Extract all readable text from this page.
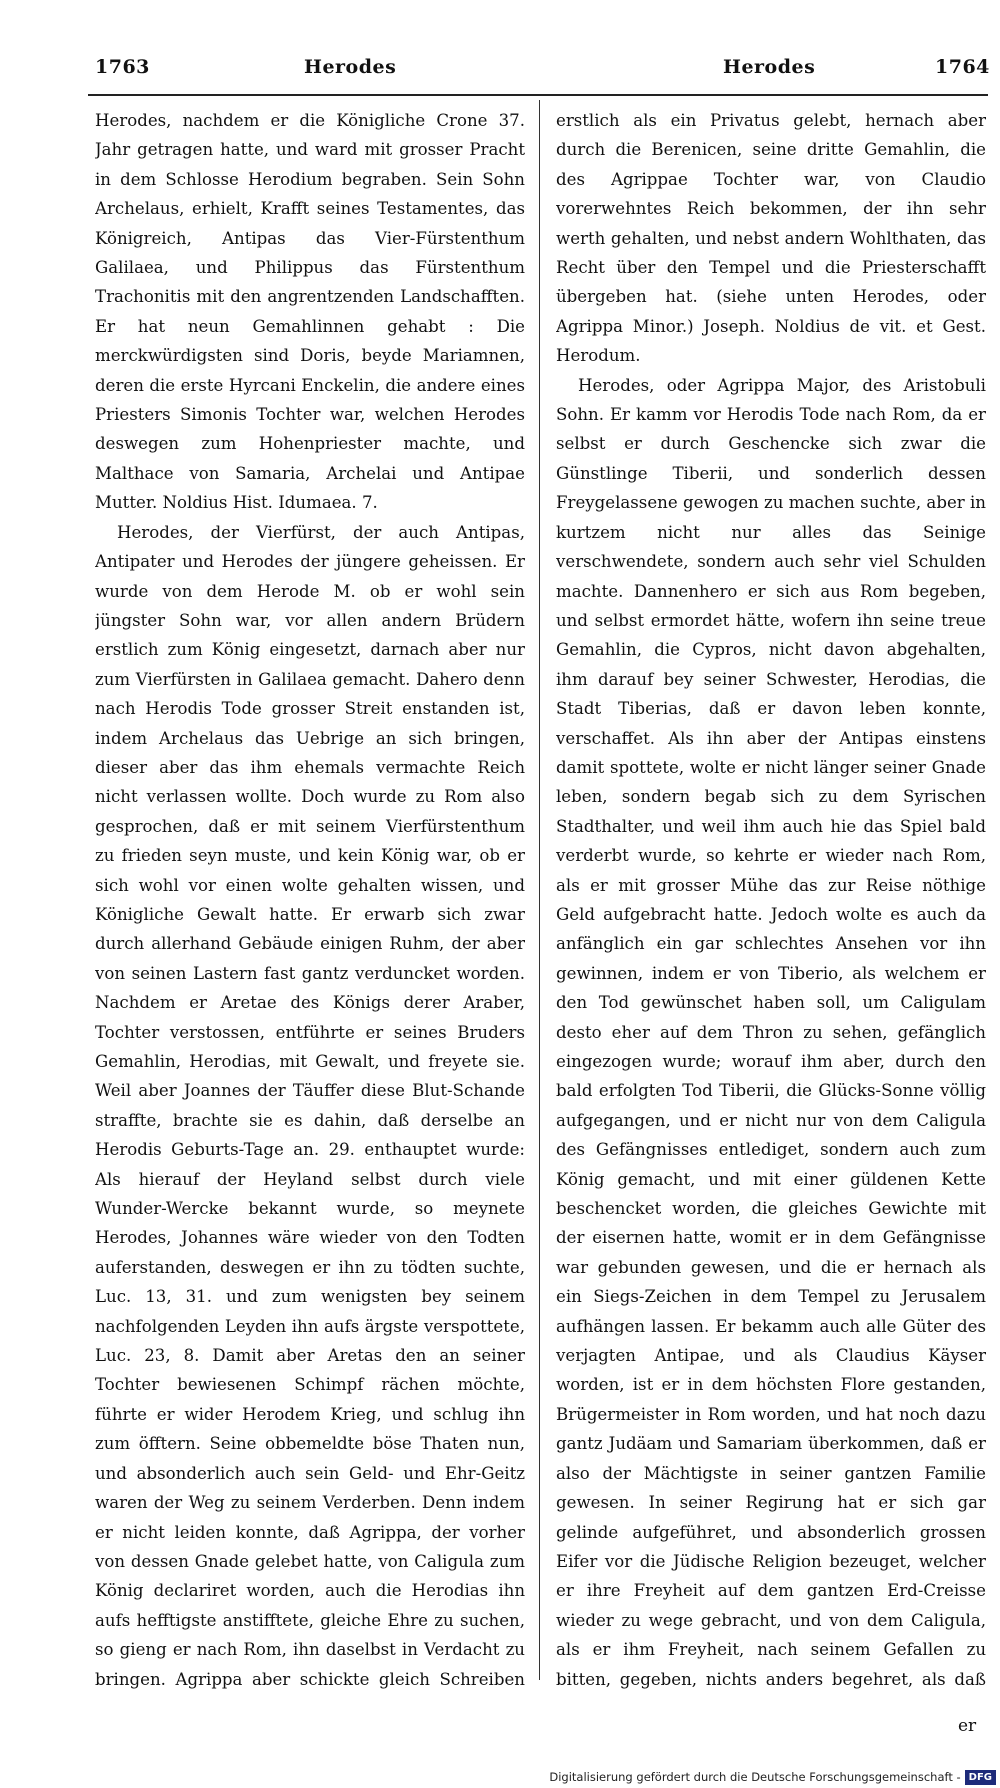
1763	Herodes	Herodes	1764

Herodes, nachdem er die Königliche Crone 37. Jahr getragen hatte, und ward mit grosser Pracht in dem Schlosse Herodium begraben. Sein Sohn Archelaus, erhielt, Krafft seines Testamentes, das Königreich, Antipas das Vier-Fürstenthum Galilaea, und Philippus das Fürstenthum Trachonitis mit den angrentzenden Landschafften. Er hat neun Gemahlinnen gehabt : Die merckwürdigsten sind Doris, beyde Mariamnen, deren die erste Hyrcani Enckelin, die andere eines Priesters Simonis Tochter war, welchen Herodes deswegen zum Hohenpriester machte, und Malthace von Samaria, Archelai und Antipae Mutter. Noldius Hist. Idumaea. 7.

Herodes, der Vierfürst, der auch Antipas, Antipater und Herodes der jüngere geheissen. Er wurde von dem Herode M. ob er wohl sein jüngster Sohn war, vor allen andern Brüdern erstlich zum König eingesetzt, darnach aber nur zum Vierfürsten in Galilaea gemacht. Dahero denn nach Herodis Tode grosser Streit enstanden ist, indem Archelaus das Uebrige an sich bringen, dieser aber das ihm ehemals vermachte Reich nicht verlassen wollte. Doch wurde zu Rom also gesprochen, daß er mit seinem Vierfürstenthum zu frieden seyn muste, und kein König war, ob er sich wohl vor einen wolte gehalten wissen, und Königliche Gewalt hatte. Er erwarb sich zwar durch allerhand Gebäude einigen Ruhm, der aber von seinen Lastern fast gantz verduncket worden. Nachdem er Aretae des Königs derer Araber, Tochter verstossen, entführte er seines Bruders Gemahlin, Herodias, mit Gewalt, und freyete sie. Weil aber Joannes der Täuffer diese Blut-Schande straffte, brachte sie es dahin, daß derselbe an Herodis Geburts-Tage an. 29. enthauptet wurde: Als hierauf der Heyland selbst durch viele Wunder-Wercke bekannt wurde, so meynete Herodes, Johannes wäre wieder von den Todten auferstanden, deswegen er ihn zu tödten suchte, Luc. 13, 31. und zum wenigsten bey seinem nachfolgenden Leyden ihn aufs ärgste verspottete, Luc. 23, 8. Damit aber Aretas den an seiner Tochter bewiesenen Schimpf rächen möchte, führte er wider Herodem Krieg, und schlug ihn zum öfftern. Seine obbemeldte böse Thaten nun, und absonderlich auch sein Geld- und Ehr-Geitz waren der Weg zu seinem Verderben. Denn indem er nicht leiden konnte, daß Agrippa, der vorher von dessen Gnade gelebet hatte, von Caligula zum König declariret worden, auch die Herodias ihn aufs hefftigste anstifftete, gleiche Ehre zu suchen, so gieng er nach Rom, ihn daselbst in Verdacht zu bringen. Agrippa aber schickte gleich Schreiben

erstlich als ein Privatus gelebt, hernach aber durch die Berenicen, seine dritte Gemahlin, die des Agrippae Tochter war, von Claudio vorerwehntes Reich bekommen, der ihn sehr werth gehalten, und nebst andern Wohlthaten, das Recht über den Tempel und die Priesterschafft übergeben hat. (siehe unten Herodes, oder Agrippa Minor.) Joseph. Noldius de vit. et Gest. Herodum.

Herodes, oder Agrippa Major, des Aristobuli Sohn. Er kamm vor Herodis Tode nach Rom, da er selbst er durch Geschencke sich zwar die Günstlinge Tiberii, und sonderlich dessen Freygelassene gewogen zu machen suchte, aber in kurtzem nicht nur alles das Seinige verschwendete, sondern auch sehr viel Schulden machte. Dannenhero er sich aus Rom begeben, und selbst ermordet hätte, wofern ihn seine treue Gemahlin, die Cypros, nicht davon abgehalten, ihm darauf bey seiner Schwester, Herodias, die Stadt Tiberias, daß er davon leben konnte, verschaffet. Als ihn aber der Antipas einstens damit spottete, wolte er nicht länger seiner Gnade leben, sondern begab sich zu dem Syrischen Stadthalter, und weil ihm auch hie das Spiel bald verderbt wurde, so kehrte er wieder nach Rom, als er mit grosser Mühe das zur Reise nöthige Geld aufgebracht hatte. Jedoch wolte es auch da anfänglich ein gar schlechtes Ansehen vor ihn gewinnen, indem er von Tiberio, als welchem er den Tod gewünschet haben soll, um Caligulam desto eher auf dem Thron zu sehen, gefänglich eingezogen wurde; worauf ihm aber, durch den bald erfolgten Tod Tiberii, die Glücks-Sonne völlig aufgegangen, und er nicht nur von dem Caligula des Gefängnisses entlediget, sondern auch zum König gemacht, und mit einer güldenen Kette beschencket worden, die gleiches Gewichte mit der eisernen hatte, womit er in dem Gefängnisse war gebunden gewesen, und die er hernach als ein Siegs-Zeichen in dem Tempel zu Jerusalem aufhängen lassen. Er bekamm auch alle Güter des verjagten Antipae, und als Claudius Käyser worden, ist er in dem höchsten Flore gestanden, Brügermeister in Rom worden, und hat noch dazu gantz Judäam und Samariam überkommen, daß er also der Mächtigste in seiner gantzen Familie gewesen. In seiner Regirung hat er sich gar gelinde aufgeführet, und absonderlich grossen Eifer vor die Jüdische Religion bezeuget, welcher er ihre Freyheit auf dem gantzen Erd-Creisse wieder zu wege gebracht, und von dem Caligula, als er ihm Freyheit, nach seinem Gefallen zu bitten, gegeben, nichts anders begehret, als daß

er
Digitalisierung gefördert durch die Deutsche Forschungsgemeinschaft - DFG
